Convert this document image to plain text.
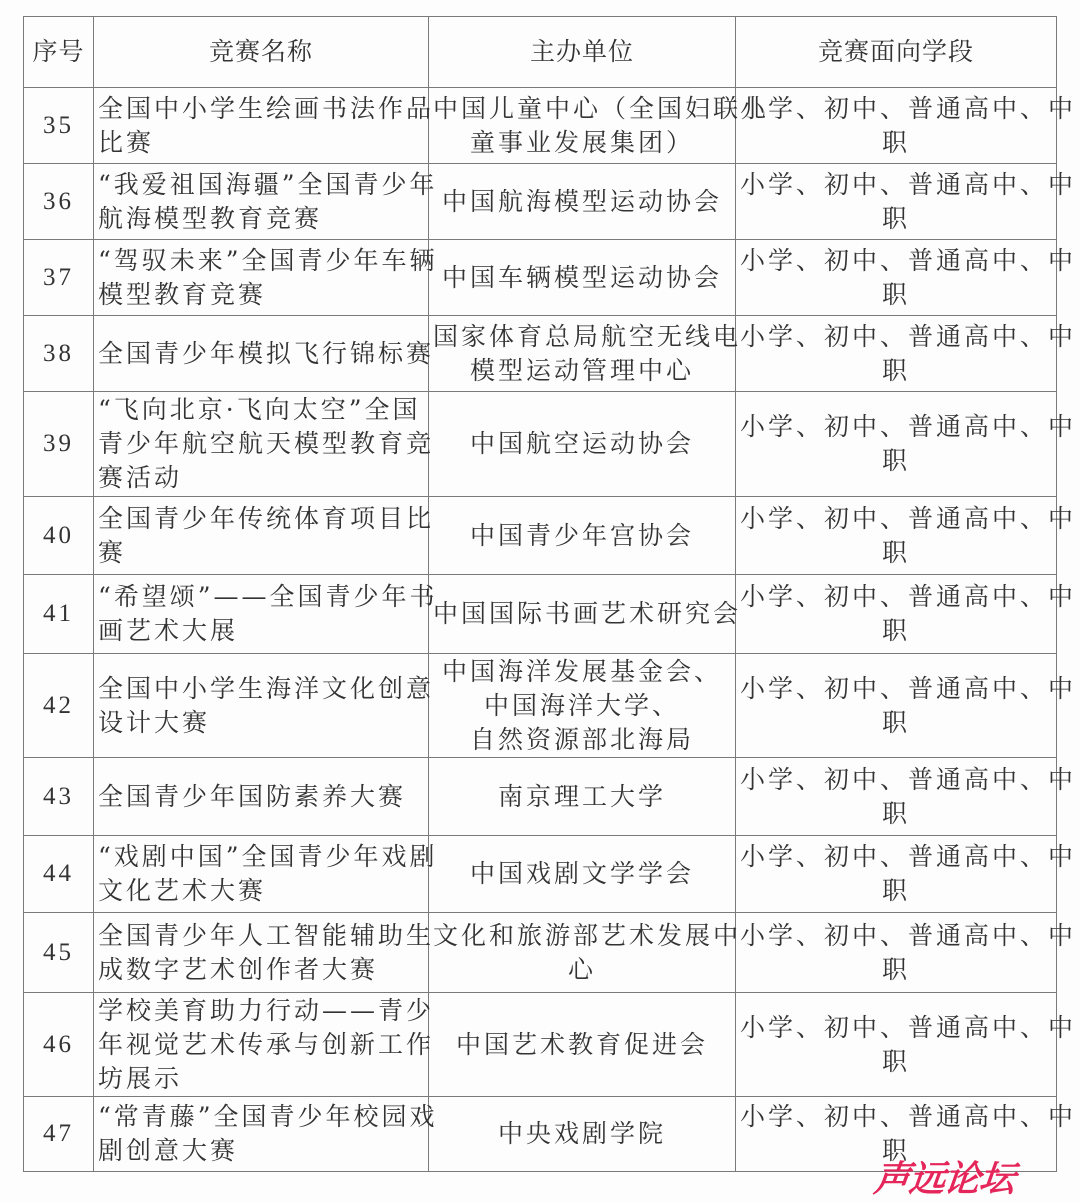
序号	竞赛名称	主办单位	竞赛面向学段
35	全国中小学生绘画书法作品
比赛	中国儿童中心（全国妇联儿
童事业发展集团）	小学、初中、普通高中、中
职

36	“我爱祖国海疆”全国青少年
航海模型教育竞赛	中国航海模型运动协会	小学、初中、普通高中、中
职

37	“驾驭未来”全国青少年车辆
模型教育竞赛	中国车辆模型运动协会	小学、初中、普通高中、中
职

38	全国青少年模拟飞行锦标赛	国家体育总局航空无线电
模型运动管理中心	小学、初中、普通高中、中
职

39	“飞向北京·飞向太空”全国
青少年航空航天模型教育竞
赛活动	中国航空运动协会	小学、初中、普通高中、中
职

40	全国青少年传统体育项目比
赛	中国青少年宫协会	小学、初中、普通高中、中
职

41	“希望颂”——全国青少年书
画艺术大展	中国国际书画艺术研究会	小学、初中、普通高中、中
职

42	全国中小学生海洋文化创意
设计大赛	中国海洋发展基金会、
中国海洋大学、
自然资源部北海局	小学、初中、普通高中、中
职

43	全国青少年国防素养大赛	南京理工大学	小学、初中、普通高中、中
职

44	“戏剧中国”全国青少年戏剧
文化艺术大赛	中国戏剧文学学会	小学、初中、普通高中、中
职

45	全国青少年人工智能辅助生
成数字艺术创作者大赛	文化和旅游部艺术发展中
心	小学、初中、普通高中、中
职

46	学校美育助力行动——青少
年视觉艺术传承与创新工作
坊展示	中国艺术教育促进会	小学、初中、普通高中、中
职

47	“常青藤”全国青少年校园戏
剧创意大赛	中央戏剧学院	小学、初中、普通高中、中
职
声远论坛
